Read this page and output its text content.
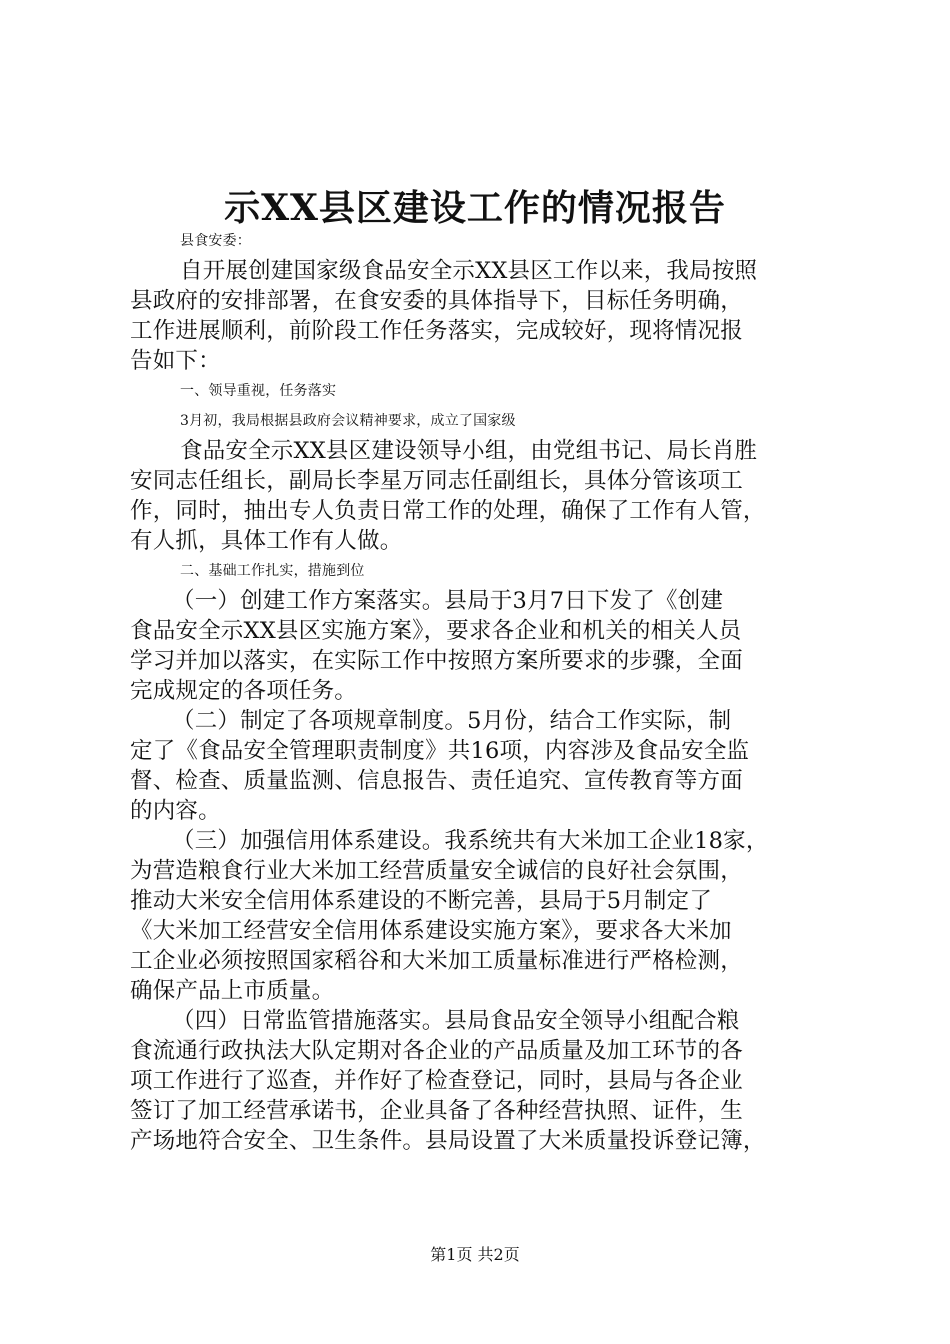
示XX县区建设工作的情况报告
县食安委：
自开展创建国家级食品安全示XX县区工作以来，我局按照
县政府的安排部署，在食安委的具体指导下，目标任务明确，
工作进展顺利，前阶段工作任务落实，完成较好，现将情况报
告如下：
一、领导重视，任务落实
3月初，我局根据县政府会议精神要求，成立了国家级
食品安全示XX县区建设领导小组，由党组书记、局长肖胜
安同志任组长，副局长李星万同志任副组长，具体分管该项工
作，同时，抽出专人负责日常工作的处理，确保了工作有人管，
有人抓，具体工作有人做。
二、基础工作扎实，措施到位
（一）创建工作方案落实。县局于3月7日下发了《创建
食品安全示XX县区实施方案》，要求各企业和机关的相关人员
学习并加以落实，在实际工作中按照方案所要求的步骤，全面
完成规定的各项任务。
（二）制定了各项规章制度。5月份，结合工作实际，制
定了《食品安全管理职责制度》共16项，内容涉及食品安全监
督、检查、质量监测、信息报告、责任追究、宣传教育等方面
的内容。
（三）加强信用体系建设。我系统共有大米加工企业18家，
为营造粮食行业大米加工经营质量安全诚信的良好社会氛围，
推动大米安全信用体系建设的不断完善，县局于5月制定了
《大米加工经营安全信用体系建设实施方案》，要求各大米加
工企业必须按照国家稻谷和大米加工质量标准进行严格检测，
确保产品上市质量。
（四）日常监管措施落实。县局食品安全领导小组配合粮
食流通行政执法大队定期对各企业的产品质量及加工环节的各
项工作进行了巡查，并作好了检查登记，同时，县局与各企业
签订了加工经营承诺书，企业具备了各种经营执照、证件，生
产场地符合安全、卫生条件。县局设置了大米质量投诉登记簿，
第1页 共2页
